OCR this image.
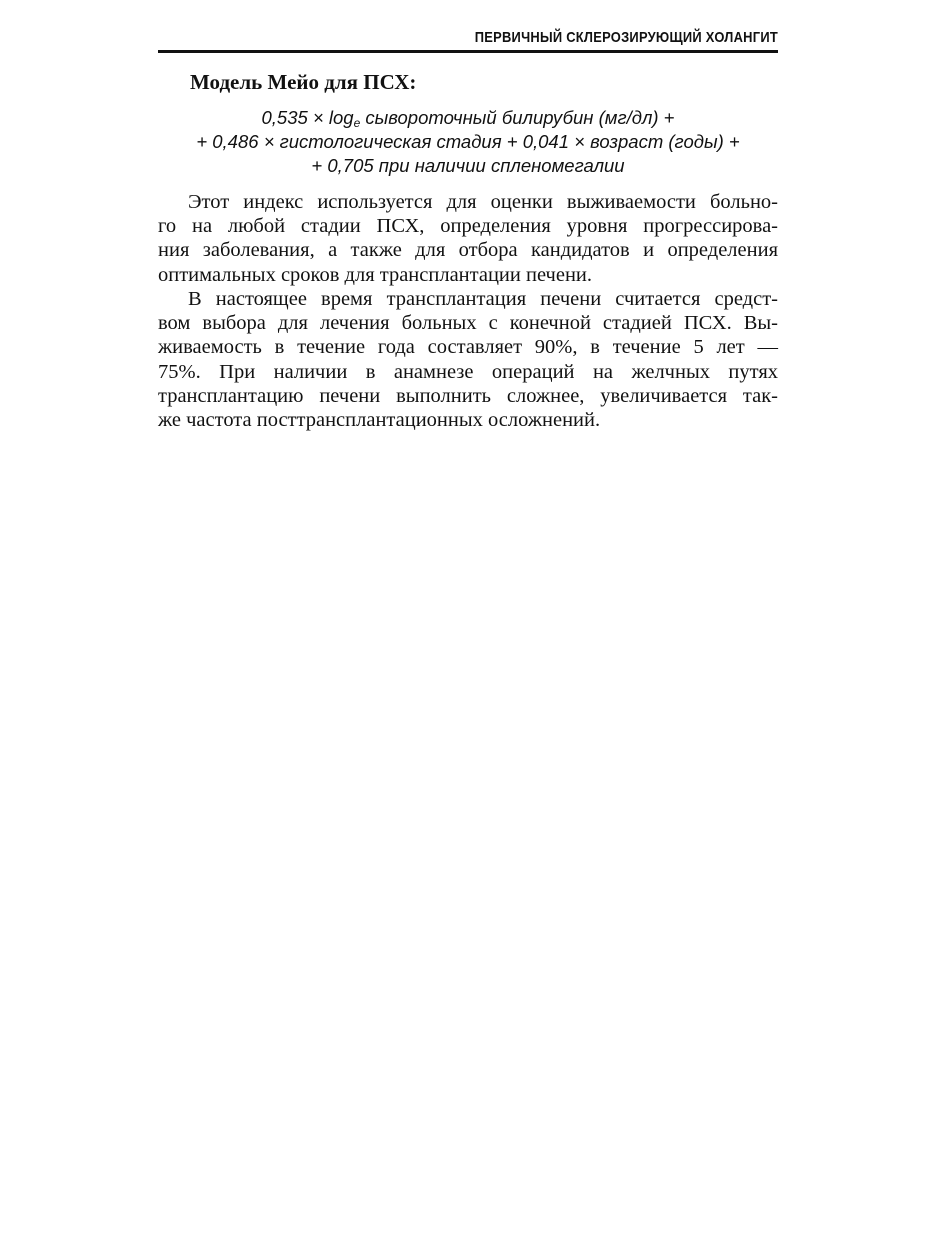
ПЕРВИЧНЫЙ СКЛЕРОЗИРУЮЩИЙ ХОЛАНГИТ
Модель Мейо для ПСХ:
$0,535 \times \log_e$ сывороточный билирубин (мг/дл) +
+ 0,486 × гистологическая стадия + 0,041 × возраст (годы) +
+ 0,705 при наличии спленомегалии
Этот индекс используется для оценки выживаемости больно-
го на любой стадии ПСХ, определения уровня прогрессирова-
ния заболевания, а также для отбора кандидатов и определения
оптимальных сроков для трансплантации печени.
В настоящее время трансплантация печени считается средст-
вом выбора для лечения больных с конечной стадией ПСХ. Вы-
живаемость в течение года составляет 90%, в течение 5 лет —
75%. При наличии в анамнезе операций на желчных путях
трансплантацию печени выполнить сложнее, увеличивается так-
же частота посттрансплантационных осложнений.
